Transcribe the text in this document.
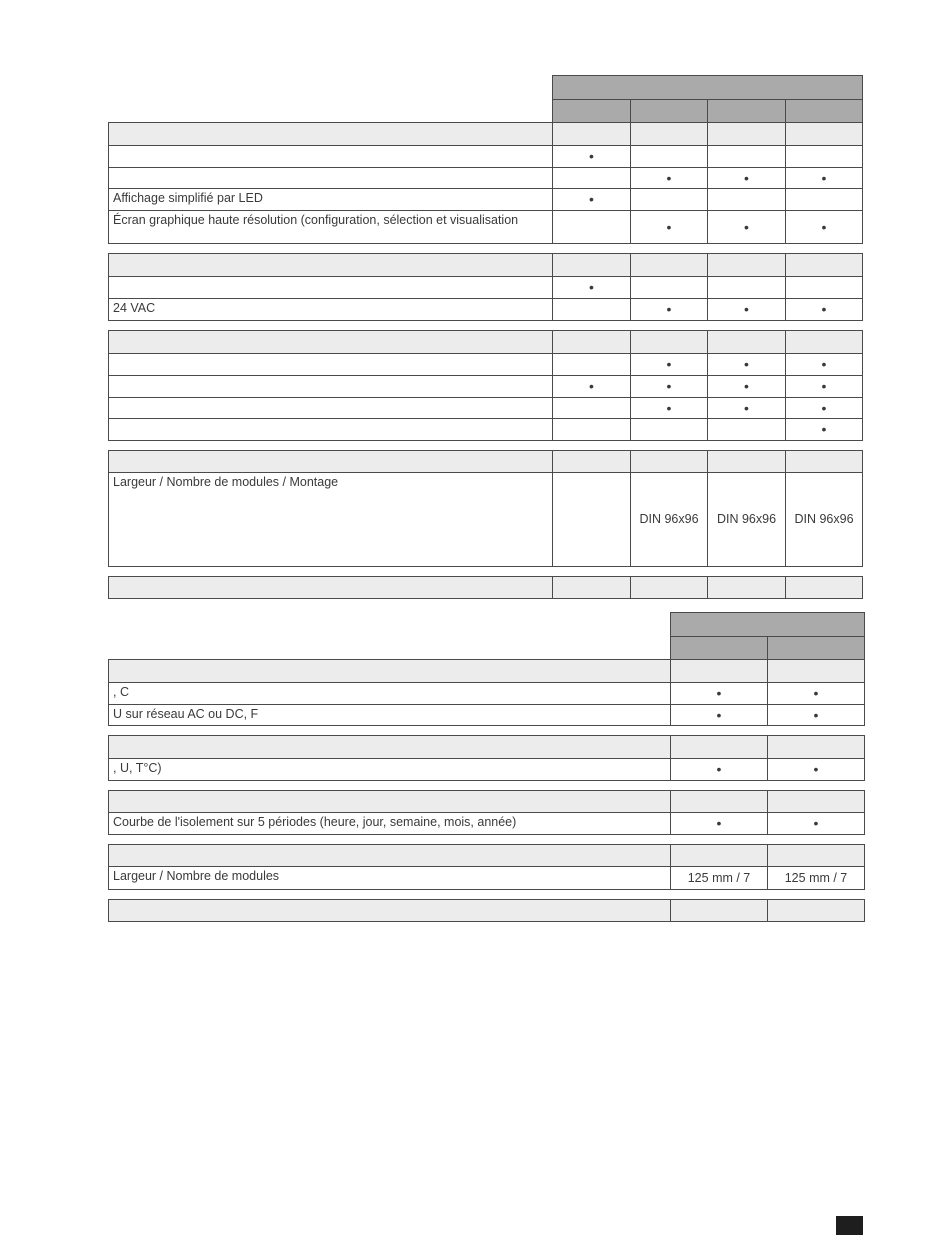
	•			
		•	•	•
Affichage simplifié par LED	•			
Écran graphique haute résolution (configuration, sélection et visualisation		•	•	•

	•			
24 VAC		•	•	•

		•	•	•
	•	•	•	•
		•	•	•
				•

Largeur / Nombre de modules / Montage		DIN 96x96	DIN 96x96	DIN 96x96

, C	•	•
U sur réseau AC ou DC, F	•	•

, U, T°C)	•	•

Courbe de l'isolement sur 5 périodes (heure, jour, semaine, mois, année)	•	•

Largeur / Nombre de modules	125 mm / 7	125 mm / 7
